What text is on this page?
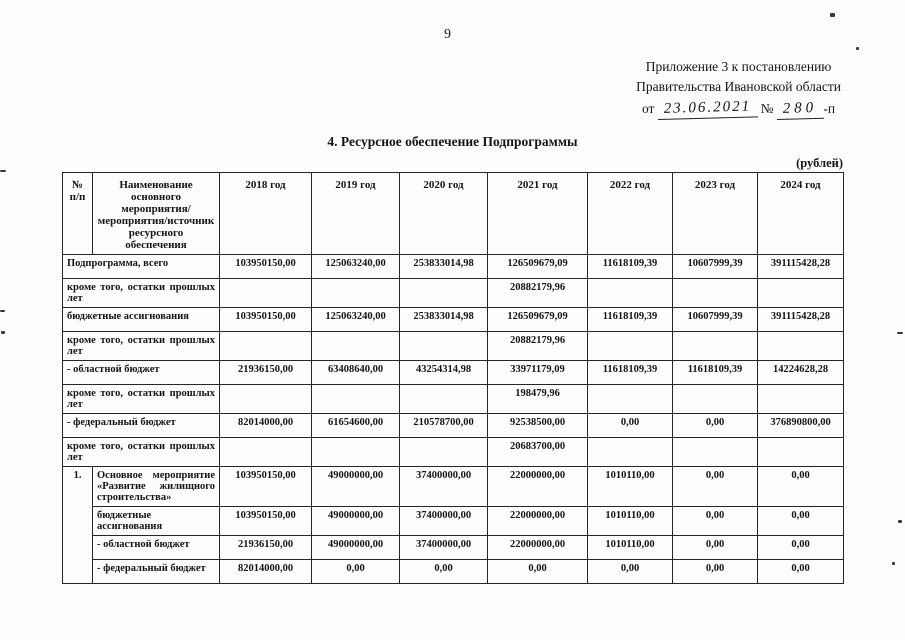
9
Приложение 3 к постановлению
Правительства Ивановской области
от 23.06.2021 № 280 -п
4. Ресурсное обеспечение Подпрограммы
(рублей)
№ п/п	Наименование основного мероприятия/ мероприятия/источник ресурсного обеспечения	2018 год	2019 год	2020 год	2021 год	2022 год	2023 год	2024 год
Подпрограмма, всего		103950150,00	125063240,00	253833014,98	126509679,09	11618109,39	10607999,39	391115428,28
кроме того, остатки прошлых лет					20882179,96			
бюджетные ассигнования		103950150,00	125063240,00	253833014,98	126509679,09	11618109,39	10607999,39	391115428,28
кроме того, остатки прошлых лет					20882179,96			
- областной бюджет		21936150,00	63408640,00	43254314,98	33971179,09	11618109,39	11618109,39	14224628,28
кроме того, остатки прошлых лет					198479,96			
- федеральный бюджет		82014000,00	61654600,00	210578700,00	92538500,00	0,00	0,00	376890800,00
кроме того, остатки прошлых лет					20683700,00			
1.	Основное мероприятие «Развитие жилищного строительства»	103950150,00	49000000,00	37400000,00	22000000,00	1010110,00	0,00	0,00
	бюджетные ассигнования	103950150,00	49000000,00	37400000,00	22000000,00	1010110,00	0,00	0,00
	- областной бюджет	21936150,00	49000000,00	37400000,00	22000000,00	1010110,00	0,00	0,00
	- федеральный бюджет	82014000,00	0,00	0,00	0,00	0,00	0,00	0,00
